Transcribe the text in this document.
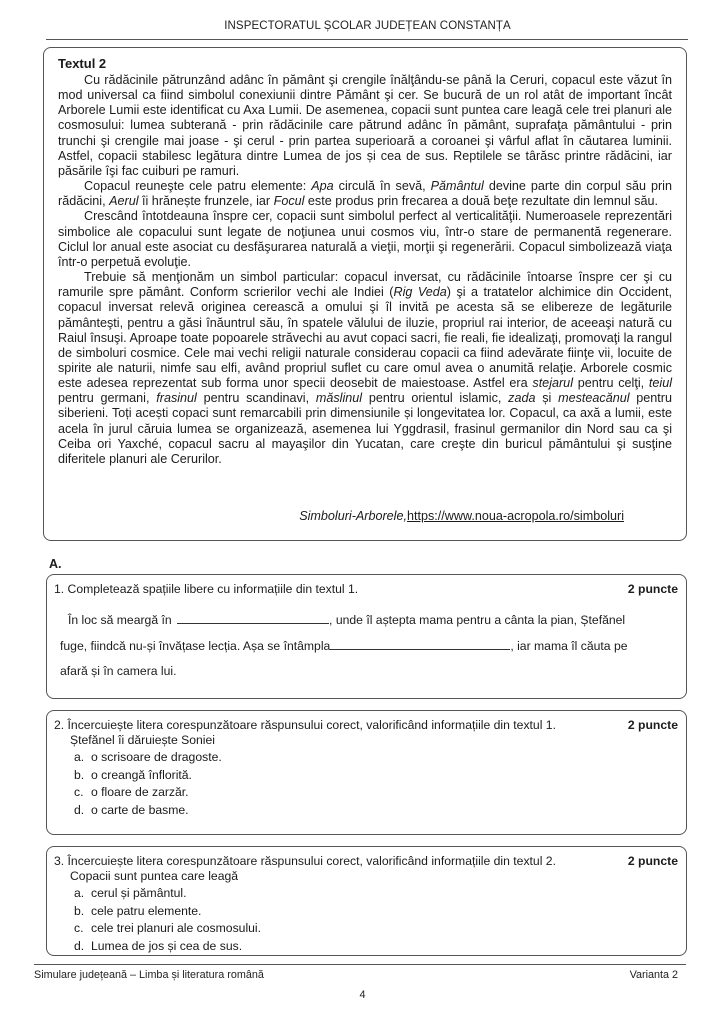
INSPECTORATUL ȘCOLAR JUDEȚEAN CONSTANȚA
Textul 2

Cu rădăcinile pătrunzând adânc în pământ şi crengile înălţându-se până la Ceruri, copacul este văzut în mod universal ca fiind simbolul conexiunii dintre Pământ şi cer. Se bucură de un rol atât de important încât Arborele Lumii este identificat cu Axa Lumii. De asemenea, copacii sunt puntea care leagă cele trei planuri ale cosmosului: lumea subterană - prin rădăcinile care pătrund adânc în pământ, suprafaţa pământului - prin trunchi şi crengile mai joase - şi cerul - prin partea superioară a coroanei şi vârful aflat în căutarea luminii. Astfel, copacii stabilesc legătura dintre Lumea de jos și cea de sus. Reptilele se târăsc printre rădăcini, iar păsările îşi fac cuiburi pe ramuri.

Copacul reuneşte cele patru elemente: Apa circulă în sevă, Pământul devine parte din corpul său prin rădăcini, Aerul îi hrănește frunzele, iar Focul este produs prin frecarea a două beţe rezultate din lemnul său.

Crescând întotdeauna înspre cer, copacii sunt simbolul perfect al verticalităţii. Numeroasele reprezentări simbolice ale copacului sunt legate de noţiunea unui cosmos viu, într-o stare de permanentă regenerare. Ciclul lor anual este asociat cu desfăşurarea naturală a vieţii, morţii şi regenerării. Copacul simbolizează viaţa într-o perpetuă evoluţie.

Trebuie să menţionăm un simbol particular: copacul inversat, cu rădăcinile întoarse înspre cer şi cu ramurile spre pământ. Conform scrierilor vechi ale Indiei (Rig Veda) şi a tratatelor alchimice din Occident, copacul inversat relevă originea cerească a omului şi îl invită pe acesta să se elibereze de legăturile pământeşti, pentru a găsi înăuntrul său, în spatele vălului de iluzie, propriul rai interior, de aceeaşi natură cu Raiul însuşi. Aproape toate popoarele străvechi au avut copaci sacri, fie reali, fie idealizaţi, promovaţi la rangul de simboluri cosmice. Cele mai vechi religii naturale considerau copacii ca fiind adevărate fiinţe vii, locuite de spirite ale naturii, nimfe sau elfi, având propriul suflet cu care omul avea o anumită relaţie. Arborele cosmic este adesea reprezentat sub forma unor specii deosebit de maiestoase. Astfel era stejarul pentru celţi, teiul pentru germani, frasinul pentru scandinavi, măslinul pentru orientul islamic, zada și mesteacănul pentru siberieni. Toți acești copaci sunt remarcabili prin dimensiunile și longevitatea lor. Copacul, ca axă a lumii, este acela în jurul căruia lumea se organizează, asemenea lui Yggdrasil, frasinul germanilor din Nord sau ca şi Ceiba ori Yaxché, copacul sacru al mayaşilor din Yucatan, care creşte din buricul pământului şi susţine diferitele planuri ale Cerurilor.

Simboluri-Arborele,https://www.noua-acropola.ro/simboluri
A.
1. Completează spațiile libere cu informațiile din textul 1.	2 puncte
În loc să meargă în	, unde îl aștepta mama pentru a cânta la pian, Ștefănel
fuge, fiindcă nu-și învățase lecția. Așa se întâmpla	, iar mama îl căuta pe
afară și în camera lui.
2. Încercuiește litera corespunzătoare răspunsului corect, valorificând informațiile din textul 1.	2 puncte
Ștefănel îi dăruiește Soniei
a. o scrisoare de dragoste.
b. o creangă înflorită.
c. o floare de zarzăr.
d. o carte de basme.
3. Încercuiește litera corespunzătoare răspunsului corect, valorificând informațiile din textul 2.	2 puncte
Copacii sunt puntea care leagă
a. cerul și pământul.
b. cele patru elemente.
c. cele trei planuri ale cosmosului.
d. Lumea de jos și cea de sus.
Simulare județeană – Limba și literatura română	Varianta 2
4
